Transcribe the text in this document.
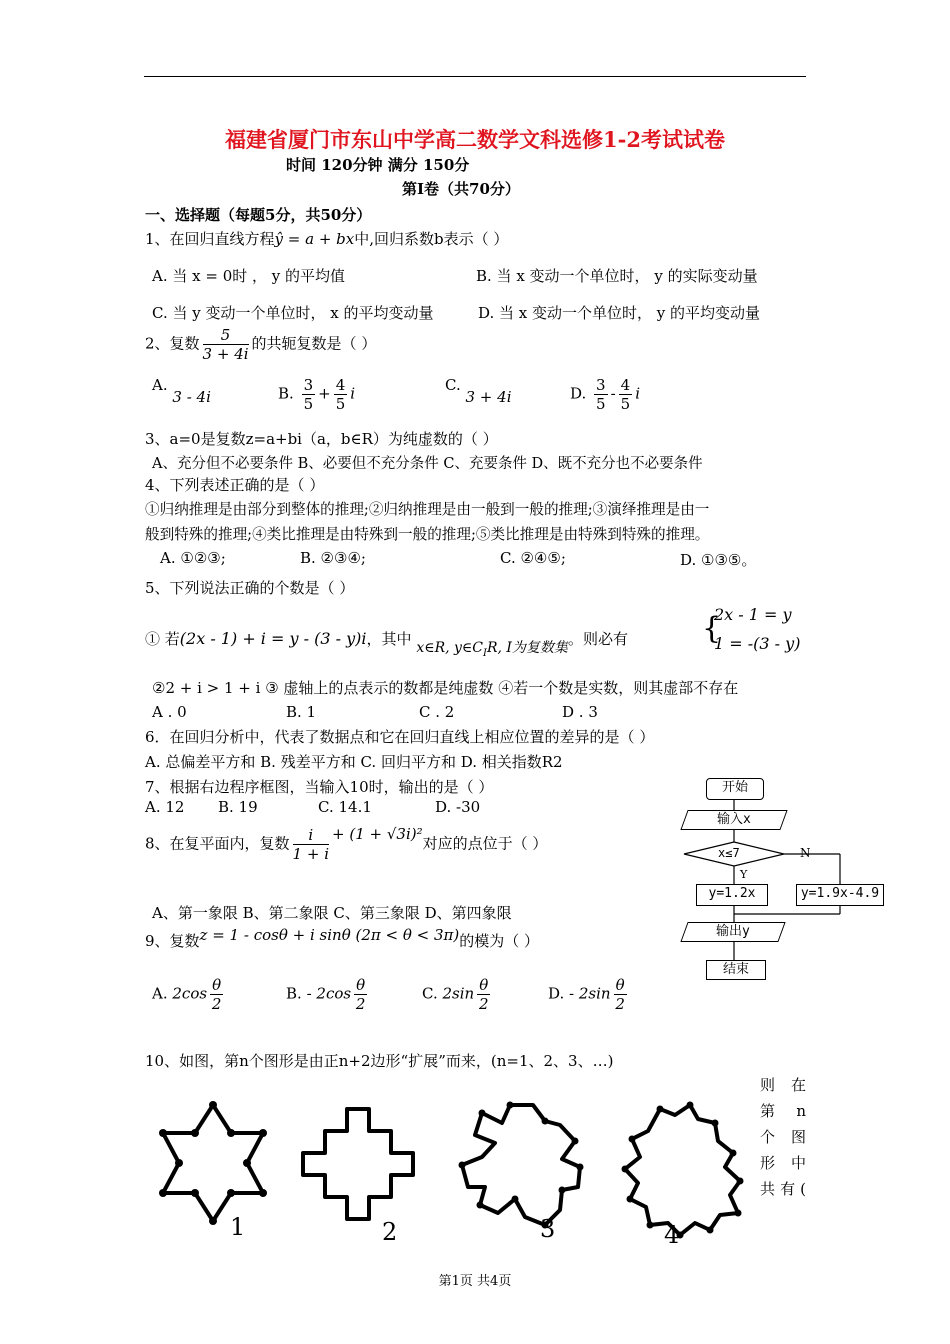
福建省厦门市东山中学高二数学文科选修1-2考试试卷
时间 120分钟 满分 150分
第Ⅰ卷（共70分）
一、选择题（每题5分，共50分）
1、在回归直线方程ŷ = a + bx中,回归系数b表示（ ）
A. 当 x = 0时 ， y 的平均值	B. 当 x 变动一个单位时， y 的实际变动量
C. 当 y 变动一个单位时， x 的平均变动量	D. 当 x 变动一个单位时， y 的平均变动量
2、复数 $\frac{5}{3 + 4i}$ 的共轭复数是（ ）
A. 3 - 4i	B. $\frac{3}{5} + \frac{4}{5}$ i	C. 3 + 4i	D. $\frac{3}{5} - \frac{4}{5}$ i
3、a=0是复数z=a+bi（a，b∈R）为纯虚数的（ ）
A、充分但不必要条件 B、必要但不充分条件 C、充要条件 D、既不充分也不必要条件
4、下列表述正确的是（ ）
①归纳推理是由部分到整体的推理;②归纳推理是由一般到一般的推理;③演绎推理是由一
般到特殊的推理;④类比推理是由特殊到一般的推理;⑤类比推理是由特殊到特殊的推理。
A. ①②③;	B. ②③④;	C. ②④⑤;	D. ①③⑤。
5、下列说法正确的个数是（ ）
① 若(2x - 1) + i = y - (3 - y)i，其中 x∈R, $y\in C_IR$, I为复数集。则必有 {
2x - 1 = y
1 = -(3 - y)
②2 + i > 1 + i ③ 虚轴上的点表示的数都是纯虚数 ④若一个数是实数，则其虚部不存在
A . 0	B. 1	C . 2	D . 3
6．在回归分析中，代表了数据点和它在回归直线上相应位置的差异的是（ ）
A. 总偏差平方和 B. 残差平方和 C. 回归平方和 D. 相关指数R2
7、根据右边程序框图，当输入10时，输出的是（ ）
A. 12 B. 19	C. 14.1	D. -30
8、在复平面内，复数 $\frac{i}{1 + i} + (1 + √3i)^2$对应的点位于（ ）
A、第一象限 B、第二象限 C、第三象限 D、第四象限
9、复数z = 1 - cosθ + i sinθ (2π < θ < 3π)的模为（ ）
A. $2\cos \frac{\theta}{2}$	B. - $2\cos \frac{\theta}{2}$	C. $2\sin \frac{\theta}{2}$	D. - $2\sin \frac{\theta}{2}$
10、如图，第n个图形是由正n+2边形“扩展”而来，(n=1、2、3、…)
则 在
第 n
个 图
形 中
共有(
1	2	3	4
开始
输入x
x≤7
Y
N
y=1.2x	y=1.9x-4.9
输出y
结束
第1页 共4页
